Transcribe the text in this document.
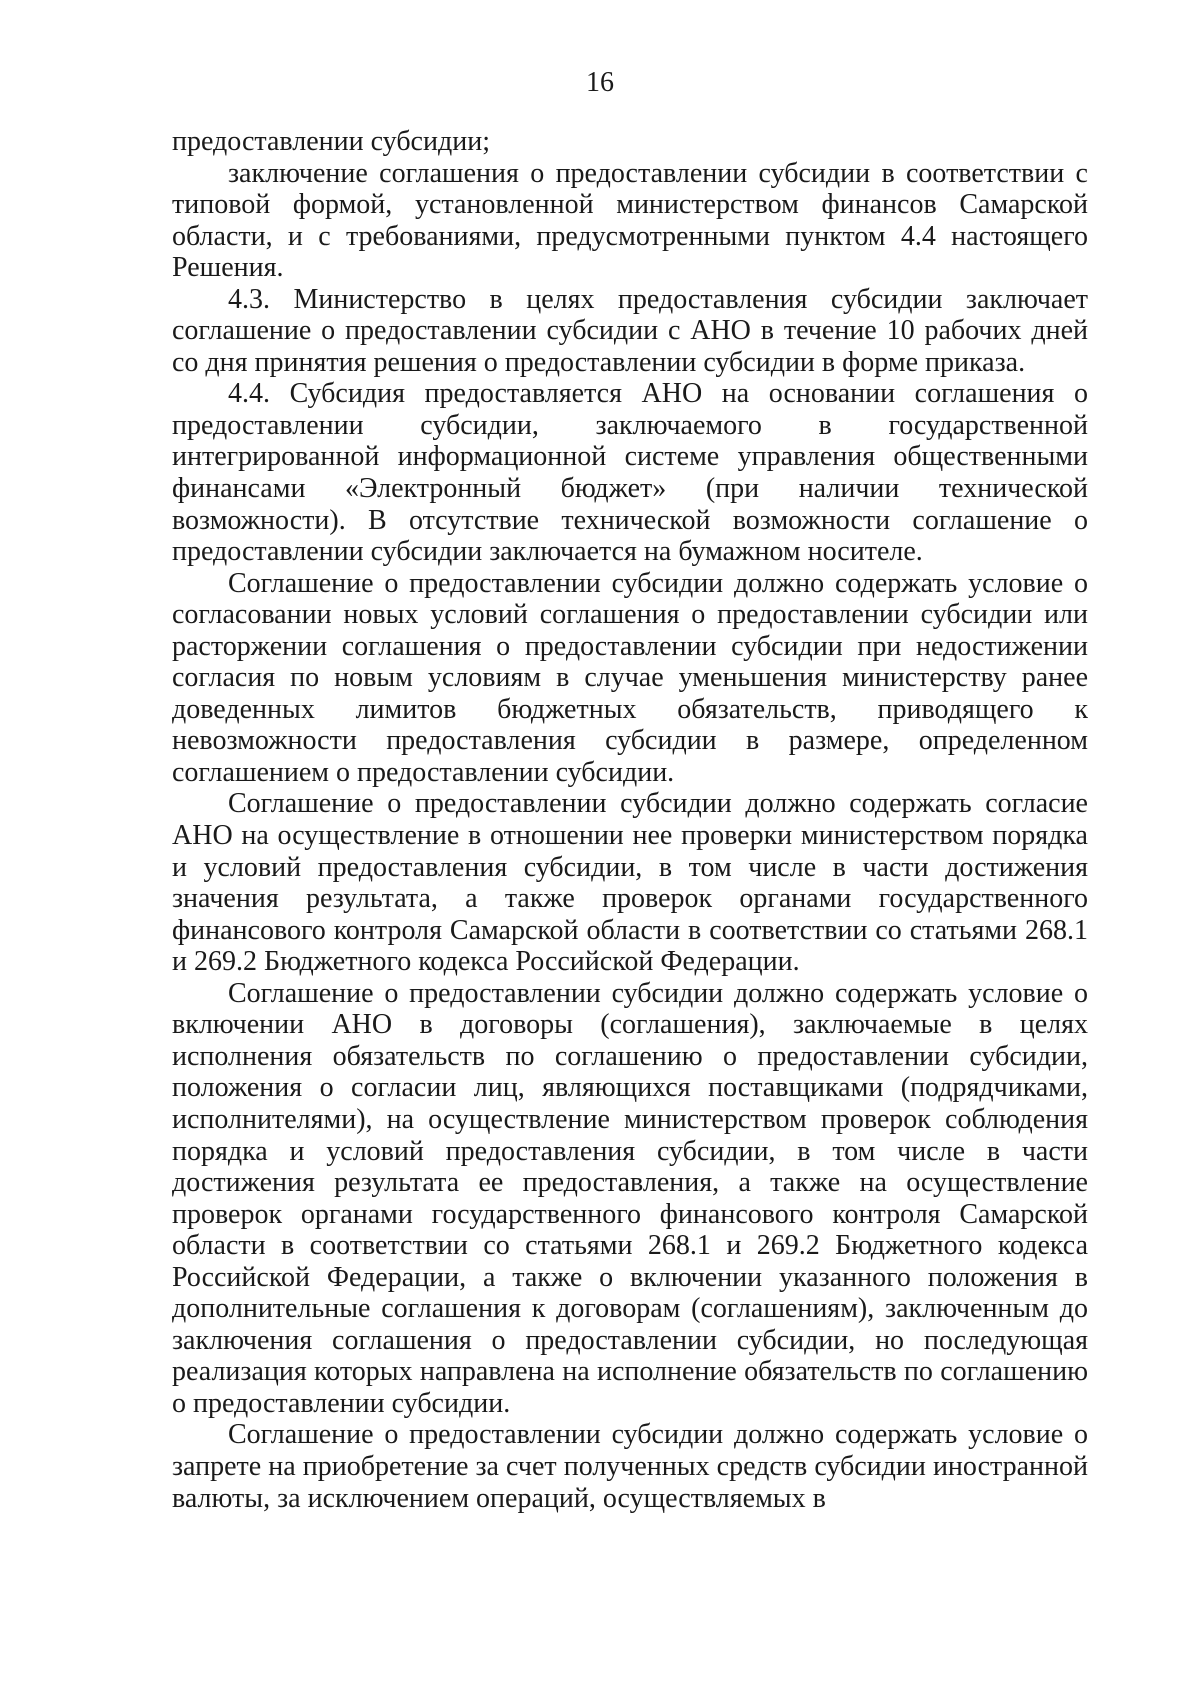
16

предоставлении субсидии;

заключение соглашения о предоставлении субсидии в соответствии с типовой формой, установленной министерством финансов Самарской области, и с требованиями, предусмотренными пунктом 4.4 настоящего Решения.

4.3. Министерство в целях предоставления субсидии заключает соглашение о предоставлении субсидии с АНО в течение 10 рабочих дней со дня принятия решения о предоставлении субсидии в форме приказа.

4.4. Субсидия предоставляется АНО на основании соглашения о предоставлении субсидии, заключаемого в государственной интегрированной информационной системе управления общественными финансами «Электронный бюджет» (при наличии технической возможности). В отсутствие технической возможности соглашение о предоставлении субсидии заключается на бумажном носителе.

Соглашение о предоставлении субсидии должно содержать условие о согласовании новых условий соглашения о предоставлении субсидии или расторжении соглашения о предоставлении субсидии при недостижении согласия по новым условиям в случае уменьшения министерству ранее доведенных лимитов бюджетных обязательств, приводящего к невозможности предоставления субсидии в размере, определенном соглашением о предоставлении субсидии.

Соглашение о предоставлении субсидии должно содержать согласие АНО на осуществление в отношении нее проверки министерством порядка и условий предоставления субсидии, в том числе в части достижения значения результата, а также проверок органами государственного финансового контроля Самарской области в соответствии со статьями 268.1 и 269.2 Бюджетного кодекса Российской Федерации.

Соглашение о предоставлении субсидии должно содержать условие о включении АНО в договоры (соглашения), заключаемые в целях исполнения обязательств по соглашению о предоставлении субсидии, положения о согласии лиц, являющихся поставщиками (подрядчиками, исполнителями), на осуществление министерством проверок соблюдения порядка и условий предоставления субсидии, в том числе в части достижения результата ее предоставления, а также на осуществление проверок органами государственного финансового контроля Самарской области в соответствии со статьями 268.1 и 269.2 Бюджетного кодекса Российской Федерации, а также о включении указанного положения в дополнительные соглашения к договорам (соглашениям), заключенным до заключения соглашения о предоставлении субсидии, но последующая реализация которых направлена на исполнение обязательств по соглашению о предоставлении субсидии.

Соглашение о предоставлении субсидии должно содержать условие о запрете на приобретение за счет полученных средств субсидии иностранной валюты, за исключением операций, осуществляемых в
